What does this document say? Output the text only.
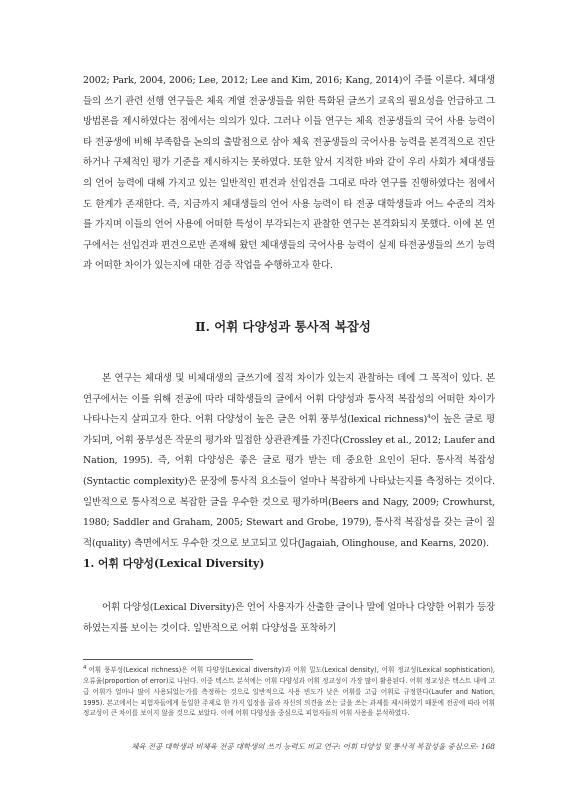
2002; Park, 2004, 2006; Lee, 2012; Lee and Kim, 2016; Kang, 2014)이 주를 이룬다. 체대생들의 쓰기 관련 선행 연구들은 체육 계열 전공생들을 위한 특화된 글쓰기 교육의 필요성을 언급하고 그 방법론을 제시하였다는 점에서는 의의가 있다. 그러나 이들 연구는 체육 전공생들의 국어 사용 능력이 타 전공생에 비해 부족함을 논의의 출발점으로 삼아 체육 전공생들의 국어사용 능력을 본격적으로 진단하거나 구체적인 평가 기준을 제시하지는 못하였다. 또한 앞서 지적한 바와 같이 우리 사회가 체대생들의 언어 능력에 대해 가지고 있는 일반적인 편견과 선입견을 그대로 따라 연구를 진행하였다는 점에서도 한계가 존재한다. 즉, 지금까지 체대생들의 언어 사용 능력이 타 전공 대학생들과 어느 수준의 격차를 가지며 이들의 언어 사용에 어떠한 특성이 부각되는지 관찰한 연구는 본격화되지 못했다. 이에 본 연구에서는 선입견과 편견으로만 존재해 왔던 체대생들의 국어사용 능력이 실제 타전공생들의 쓰기 능력과 어떠한 차이가 있는지에 대한 검증 작업을 수행하고자 한다.

Ⅱ. 어휘 다양성과 통사적 복잡성

본 연구는 체대생 및 비체대생의 글쓰기에 질적 차이가 있는지 관찰하는 데에 그 목적이 있다. 본 연구에서는 이를 위해 전공에 따라 대학생들의 글에서 어휘 다양성과 통사적 복잡성의 어떠한 차이가 나타나는지 살피고자 한다. 어휘 다양성이 높은 글은 어휘 풍부성(lexical richness)$^4$이 높은 글로 평가되며, 어휘 풍부성은 작문의 평가와 밀접한 상관관계를 가진다(Crossley et al., 2012; Laufer and Nation, 1995). 즉, 어휘 다양성은 좋은 글로 평가 받는 데 중요한 요인이 된다. 통사적 복잡성(Syntactic complexity)은 문장에 통사적 요소들이 얼마나 복잡하게 나타났는지를 측정하는 것이다. 일반적으로 통사적으로 복잡한 글을 우수한 것으로 평가하며(Beers and Nagy, 2009; Crowhurst, 1980; Saddler and Graham, 2005; Stewart and Grobe, 1979), 통사적 복잡성을 갖는 글이 질적(quality) 측면에서도 우수한 것으로 보고되고 있다(Jagaiah, Olinghouse, and Kearns, 2020).

1. 어휘 다양성(Lexical Diversity)

어휘 다양성(Lexical Diversity)은 언어 사용자가 산출한 글이나 말에 얼마나 다양한 어휘가 등장하였는지를 보이는 것이다. 일반적으로 어휘 다양성을 포착하기

$^4$ 어휘 풍부성(Lexical richness)은 어휘 다양성(Lexical diversity)과 어휘 밀도(Lexical density), 어휘 정교성(Lexical sophistication), 오류율(proportion of error)로 나뉜다. 이중 텍스트 분석에는 어휘 다양성과 어휘 정교성이 가장 많이 활용된다. 어휘 정교성은 텍스트 내에 고급 어휘가 얼마나 많이 사용되었는가를 측정하는 것으로 일반적으로 사용 빈도가 낮은 어휘를 고급 어휘로 규정한다(Laufer and Nation, 1995). 본고에서는 피험자들에게 동일한 주제로 한 가지 입장을 골라 자신의 의견을 쓰는 글을 쓰는 과제를 제시하였기 때문에 전공에 따라 어휘 정교성이 큰 차이를 보이지 않을 것으로 보았다. 이에 어휘 다양성을 중심으로 피험자들의 어휘 사용을 분석하였다.

체육 전공 대학생과 비체육 전공 대학생의 쓰기 능력도 비교 연구: 어휘 다양성 및 통사적 복잡성을 중심으로- 168
